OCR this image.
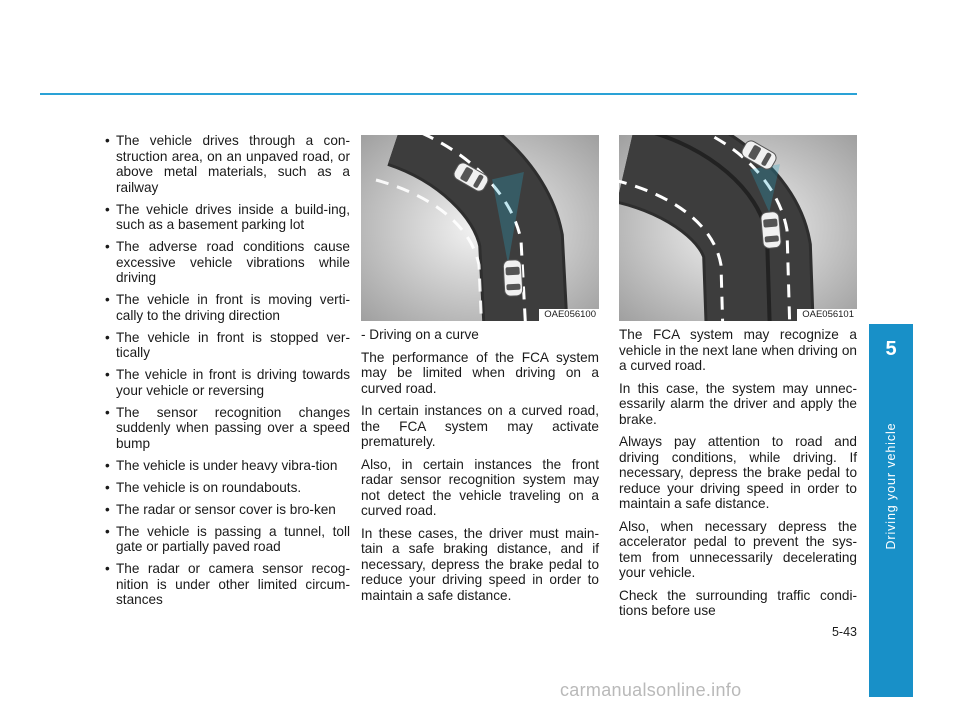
• The vehicle drives through a con-struction area, on an unpaved road, or above metal materials, such as a railway
• The vehicle drives inside a build-ing, such as a basement parking lot
• The adverse road conditions cause excessive vehicle vibrations while driving
• The vehicle in front is moving verti-cally to the driving direction
• The vehicle in front is stopped ver-tically
• The vehicle in front is driving towards your vehicle or reversing
• The sensor recognition changes suddenly when passing over a speed bump
• The vehicle is under heavy vibra-tion
• The vehicle is on roundabouts.
• The radar or sensor cover is bro-ken
• The vehicle is passing a tunnel, toll gate or partially paved road
• The radar or camera sensor recog-nition is under other limited circum-stances
OAE056100	OAE056101

- Driving on a curve

The performance of the FCA system may be limited when driving on a curved road.

In certain instances on a curved road, the FCA system may activate prematurely.

Also, in certain instances the front radar sensor recognition system may not detect the vehicle traveling on a curved road.

In these cases, the driver must main-tain a safe braking distance, and if necessary, depress the brake pedal to reduce your driving speed in order to maintain a safe distance.

The FCA system may recognize a vehicle in the next lane when driving on a curved road.

In this case, the system may unnec-essarily alarm the driver and apply the brake.

Always pay attention to road and driving conditions, while driving. If necessary, depress the brake pedal to reduce your driving speed in order to maintain a safe distance.

Also, when necessary depress the accelerator pedal to prevent the sys-tem from unnecessarily decelerating your vehicle.

Check the surrounding traffic condi-tions before use

5
Driving your vehicle
5-43
carmanualsonline.info
